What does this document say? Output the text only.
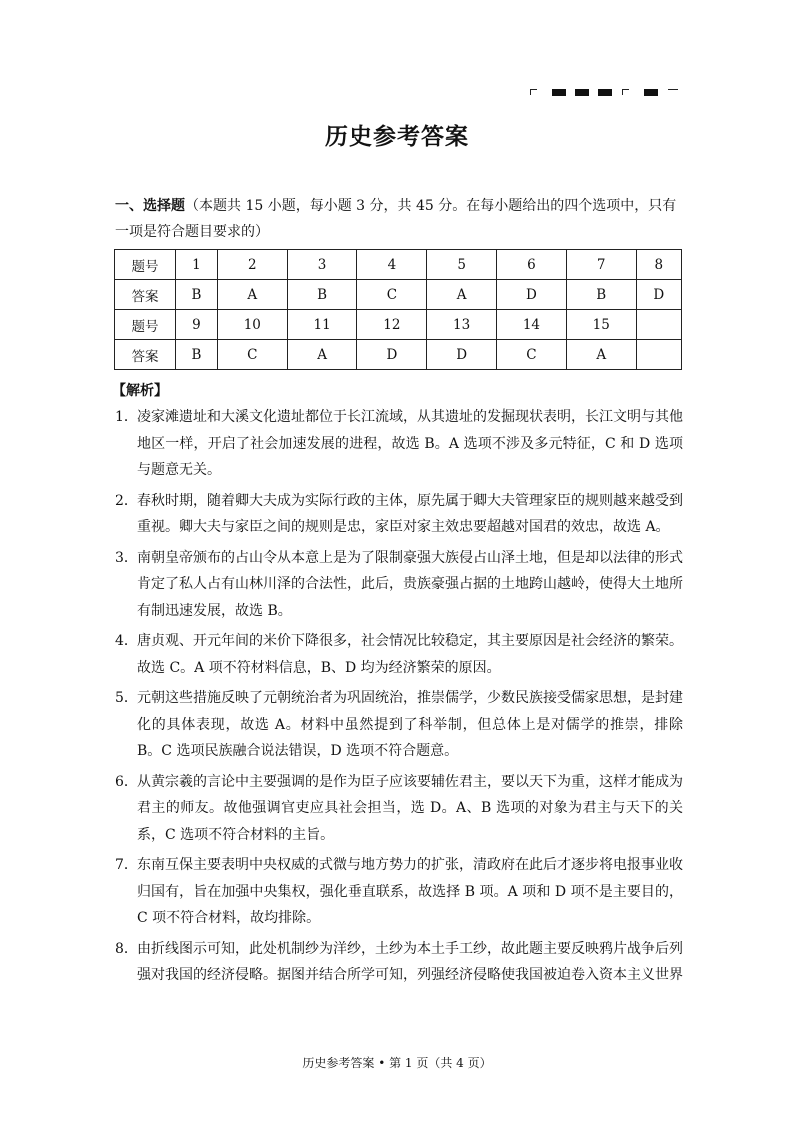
历史参考答案
一、选择题（本题共 15 小题，每小题 3 分，共 45 分。在每小题给出的四个选项中，只有一项是符合题目要求的）
题号	1	2	3	4	5	6	7	8
答案	B	A	B	C	A	D	B	D
题号	9	10	11	12	13	14	15	
答案	B	C	A	D	D	C	A	
【解析】
1． 凌家滩遗址和大溪文化遗址都位于长江流域，从其遗址的发掘现状表明，长江文明与其他地区一样，开启了社会加速发展的进程，故选 B。A 选项不涉及多元特征，C 和 D 选项与题意无关。
2． 春秋时期，随着卿大夫成为实际行政的主体，原先属于卿大夫管理家臣的规则越来越受到重视。卿大夫与家臣之间的规则是忠，家臣对家主效忠要超越对国君的效忠，故选 A。
3． 南朝皇帝颁布的占山令从本意上是为了限制豪强大族侵占山泽土地，但是却以法律的形式肯定了私人占有山林川泽的合法性，此后，贵族豪强占据的土地跨山越岭，使得大土地所有制迅速发展，故选 B。
4． 唐贞观、开元年间的米价下降很多，社会情况比较稳定，其主要原因是社会经济的繁荣。故选 C。A 项不符材料信息，B、D 均为经济繁荣的原因。
5． 元朝这些措施反映了元朝统治者为巩固统治，推崇儒学，少数民族接受儒家思想，是封建化的具体表现，故选 A。材料中虽然提到了科举制，但总体上是对儒学的推崇，排除 B。C 选项民族融合说法错误，D 选项不符合题意。
6． 从黄宗羲的言论中主要强调的是作为臣子应该要辅佐君主，要以天下为重，这样才能成为君主的师友。故他强调官吏应具社会担当，选 D。A、B 选项的对象为君主与天下的关系，C 选项不符合材料的主旨。
7． 东南互保主要表明中央权威的式微与地方势力的扩张，清政府在此后才逐步将电报事业收归国有，旨在加强中央集权，强化垂直联系，故选择 B 项。A 项和 D 项不是主要目的，C 项不符合材料，故均排除。
8． 由折线图示可知，此处机制纱为洋纱，土纱为本土手工纱，故此题主要反映鸦片战争后列强对我国的经济侵略。据图并结合所学可知，列强经济侵略使我国被迫卷入资本主义世界
历史参考答案 • 第 1 页（共 4 页）
